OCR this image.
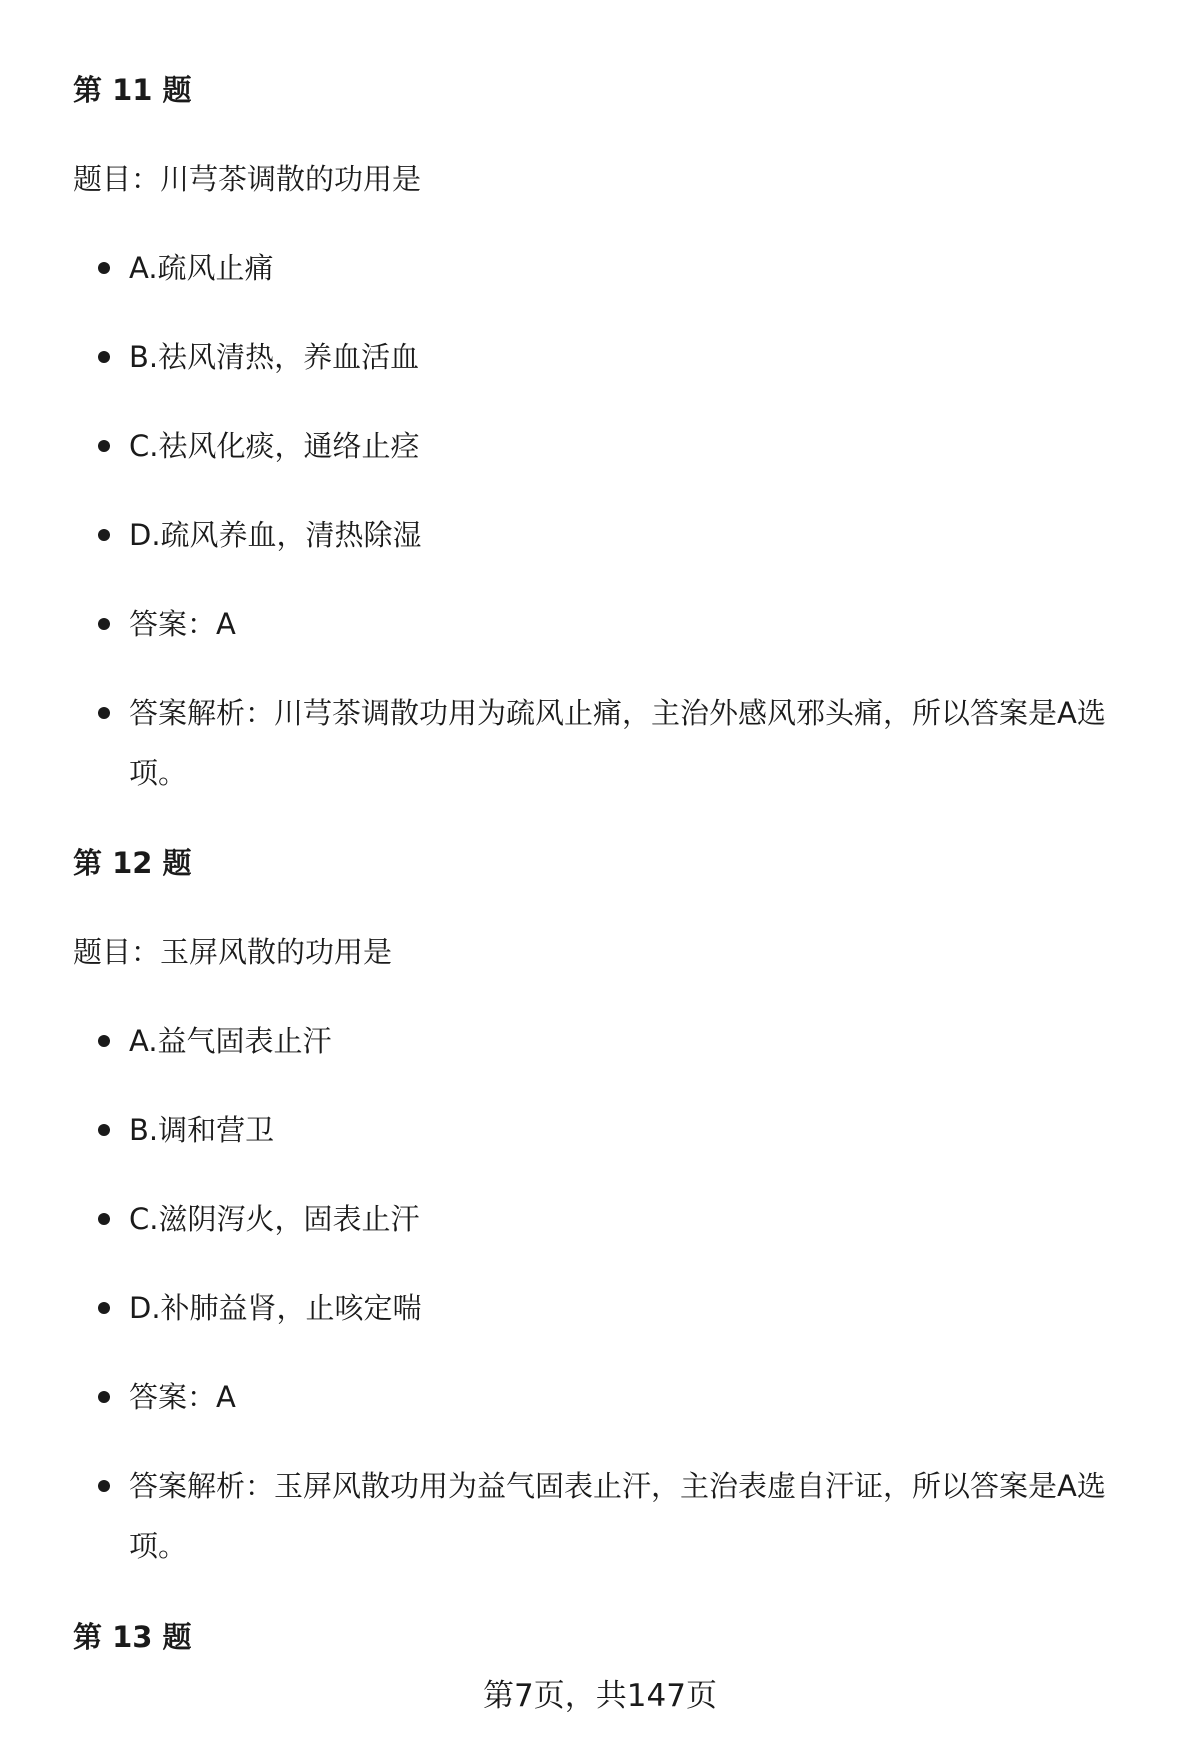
第 11 题

题目：川芎茶调散的功用是

A.疏风止痛
B.祛风清热，养血活血
C.祛风化痰，通络止痉
D.疏风养血，清热除湿
答案：A
答案解析：川芎茶调散功用为疏风止痛，主治外感风邪头痛，所以答案是A选项。
第 12 题

题目：玉屏风散的功用是

A.益气固表止汗
B.调和营卫
C.滋阴泻火，固表止汗
D.补肺益肾，止咳定喘
答案：A
答案解析：玉屏风散功用为益气固表止汗，主治表虚自汗证，所以答案是A选项。
第 13 题
第7页，共147页
